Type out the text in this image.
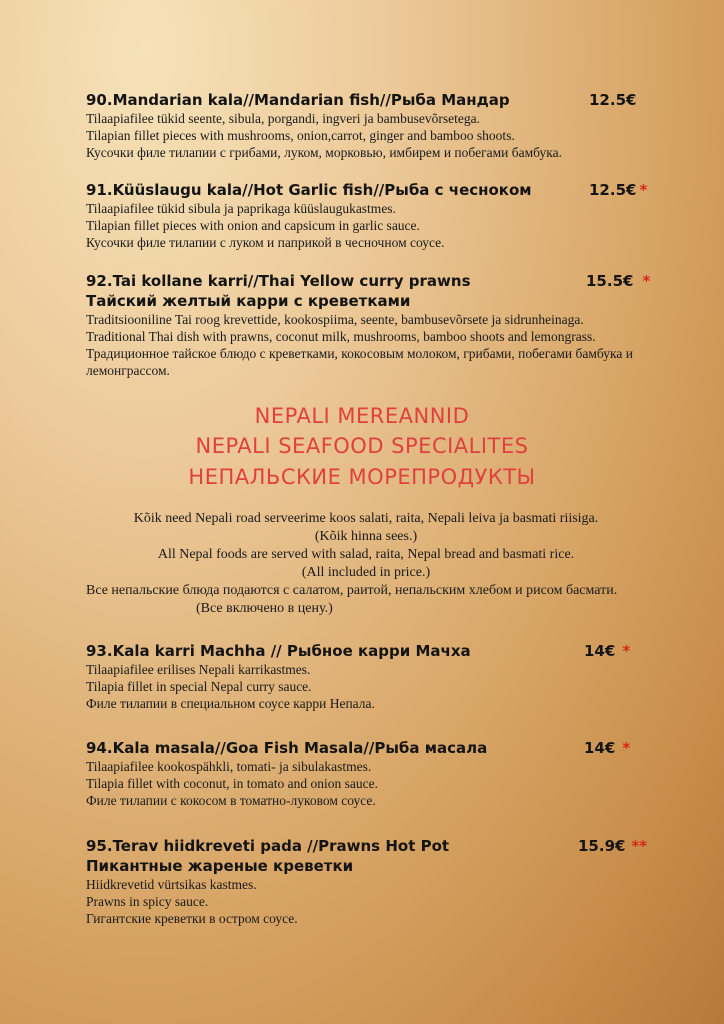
90.Mandarian kala//Mandarian fish//Рыба Мандар	12.5€
Tilaapiafilee tükid seente, sibula, porgandi, ingveri ja bambusevõrsetega.
Tilapian fillet pieces with mushrooms, onion,carrot, ginger and bamboo shoots.
Кусочки филе тилапии с грибами, луком, морковью, имбирем и побегами бамбука.
91.Küüslaugu kala//Hot Garlic fish//Рыба с чесноком	12.5€ *
Tilaapiafilee tükid sibula ja paprikaga küüslaugukastmes.
Tilapian fillet pieces with onion and capsicum in garlic sauce.
Кусочки филе тилапии с луком и паприкой в чесночном соусе.
92.Tai kollane karri//Thai Yellow curry prawns	15.5€ *
Тайский желтый карри с креветками
Traditsiooniline Tai roog krevettide, kookospiima, seente, bambusevõrsete ja sidrunheinaga.
Traditional Thai dish with prawns, coconut milk, mushrooms, bamboo shoots and lemongrass.
Традиционное тайское блюдо с креветками, кокосовым молоком, грибами, побегами бамбука и лемонграссом.
NEPALI MEREANNID
NEPALI SEAFOOD SPECIALITES
НЕПАЛЬСКИЕ МОРЕПРОДУКТЫ
Kõik need Nepali road serveerime koos salati, raita, Nepali leiva ja basmati riisiga.
(Kõik hinna sees.)
All Nepal foods are served with salad, raita, Nepal bread and basmati rice.
(All included in price.)
Все непальские блюда подаются с салатом, раитой, непальским хлебом и рисом басмати. (Все включено в цену.)
93.Kala karri Machha // Рыбное карри Мачха	14€ *
Tilaapiafilee erilises Nepali karrikastmes.
Tilapia fillet in special Nepal curry sauce.
Филе тилапии в специальном соусе карри Непала.
94.Kala masala//Goa Fish Masala//Рыба масала	14€ *
Tilaapiafilee kookospähkli, tomati- ja sibulakastmes.
Tilapia fillet with coconut, in tomato and onion sauce.
Филе тилапии с кокосом в томатно-луковом соусе.
95.Terav hiidkreveti pada //Prawns Hot Pot	15.9€ **
Пикантные жареные креветки
Hiidkrevetid vürtsikas kastmes.
Prawns in spicy sauce.
Гигантские креветки в остром соусе.
